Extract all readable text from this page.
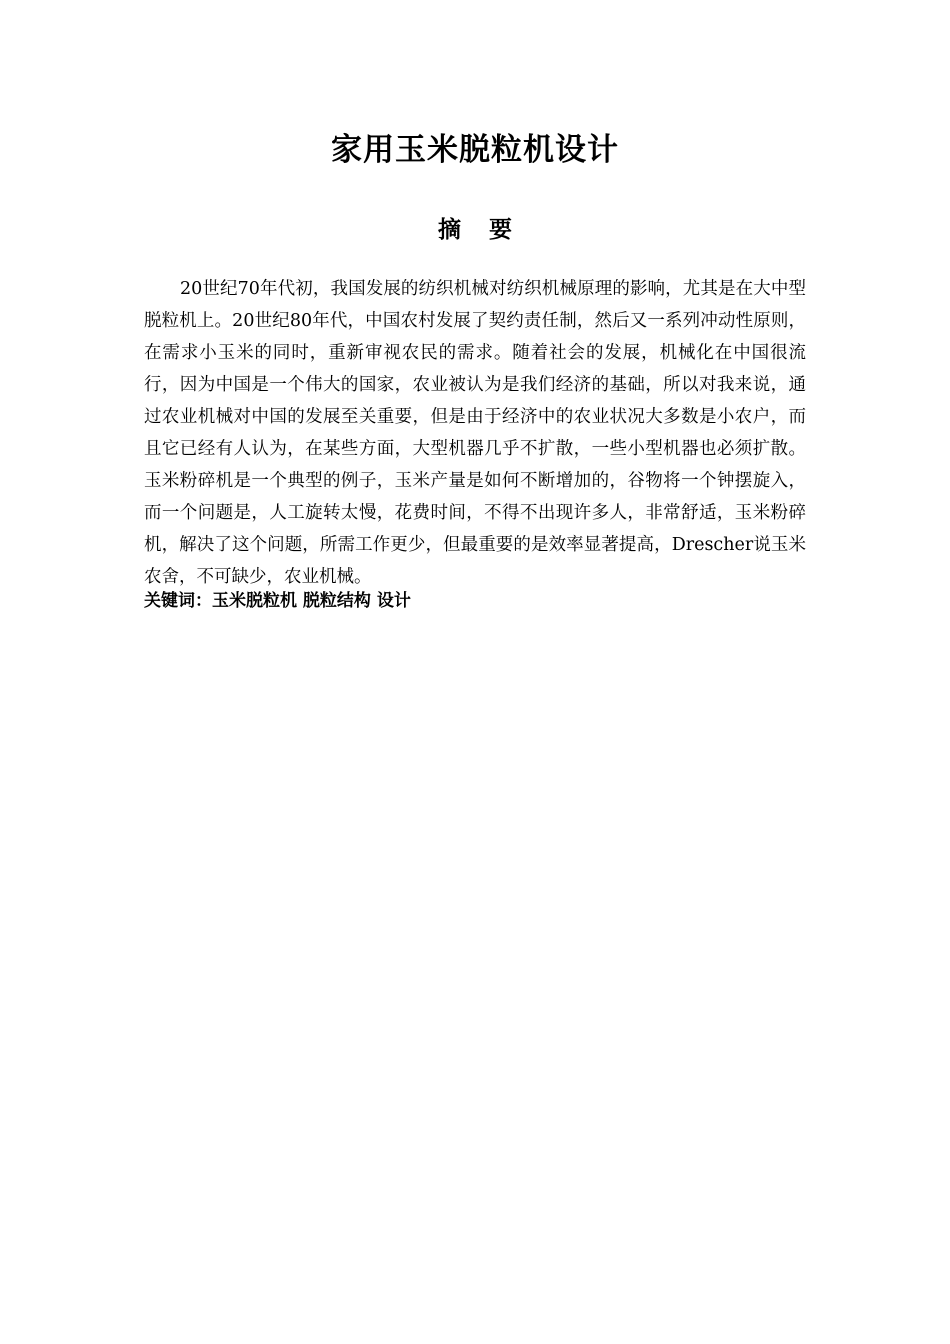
家用玉米脱粒机设计
摘 要

20世纪70年代初，我国发展的纺织机械对纺织机械原理的影响，尤其是在大中型脱粒机上。20世纪80年代，中国农村发展了契约责任制，然后又一系列冲动性原则，在需求小玉米的同时，重新审视农民的需求。随着社会的发展，机械化在中国很流行，因为中国是一个伟大的国家，农业被认为是我们经济的基础，所以对我来说，通过农业机械对中国的发展至关重要，但是由于经济中的农业状况大多数是小农户，而且它已经有人认为，在某些方面，大型机器几乎不扩散，一些小型机器也必须扩散。玉米粉碎机是一个典型的例子，玉米产量是如何不断增加的，谷物将一个钟摆旋入，而一个问题是，人工旋转太慢，花费时间，不得不出现许多人，非常舒适，玉米粉碎机，解决了这个问题，所需工作更少，但最重要的是效率显著提高，Drescher说玉米农舍，不可缺少，农业机械。

关键词：玉米脱粒机 脱粒结构 设计
